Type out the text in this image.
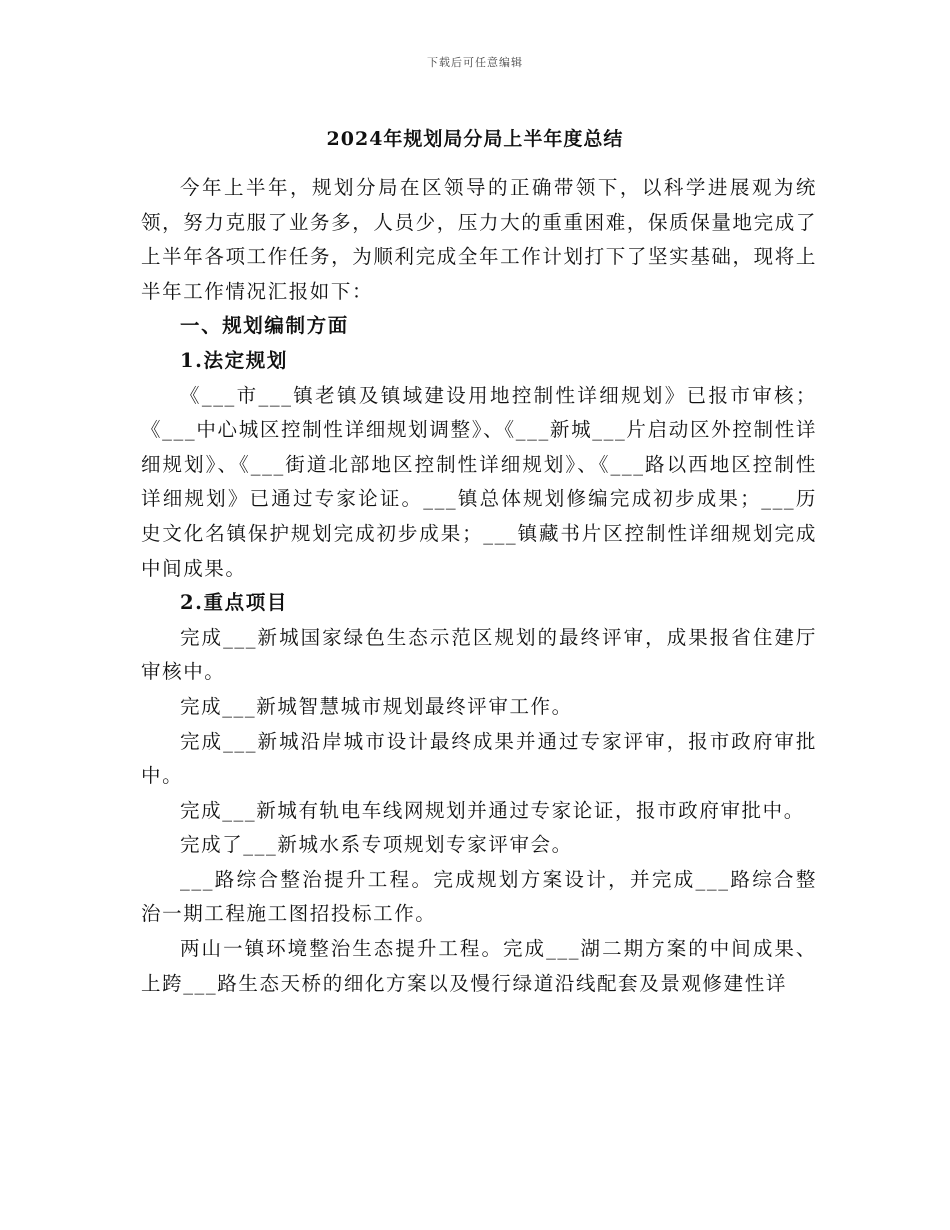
下载后可任意编辑
2024年规划局分局上半年度总结

今年上半年，规划分局在区领导的正确带领下，以科学进展观为统领，努力克服了业务多，人员少，压力大的重重困难，保质保量地完成了上半年各项工作任务，为顺利完成全年工作计划打下了坚实基础，现将上半年工作情况汇报如下：

一、规划编制方面

1.法定规划

《___市___镇老镇及镇域建设用地控制性详细规划》已报市审核；《___中心城区控制性详细规划调整》、《___新城___片启动区外控制性详细规划》、《___街道北部地区控制性详细规划》、《___路以西地区控制性详细规划》已通过专家论证。___镇总体规划修编完成初步成果；___历史文化名镇保护规划完成初步成果；___镇藏书片区控制性详细规划完成中间成果。

2.重点项目

完成___新城国家绿色生态示范区规划的最终评审，成果报省住建厅审核中。

完成___新城智慧城市规划最终评审工作。

完成___新城沿岸城市设计最终成果并通过专家评审，报市政府审批中。

完成___新城有轨电车线网规划并通过专家论证，报市政府审批中。

完成了___新城水系专项规划专家评审会。

___路综合整治提升工程。完成规划方案设计，并完成___路综合整治一期工程施工图招投标工作。

两山一镇环境整治生态提升工程。完成___湖二期方案的中间成果、上跨___路生态天桥的细化方案以及慢行绿道沿线配套及景观修建性详
